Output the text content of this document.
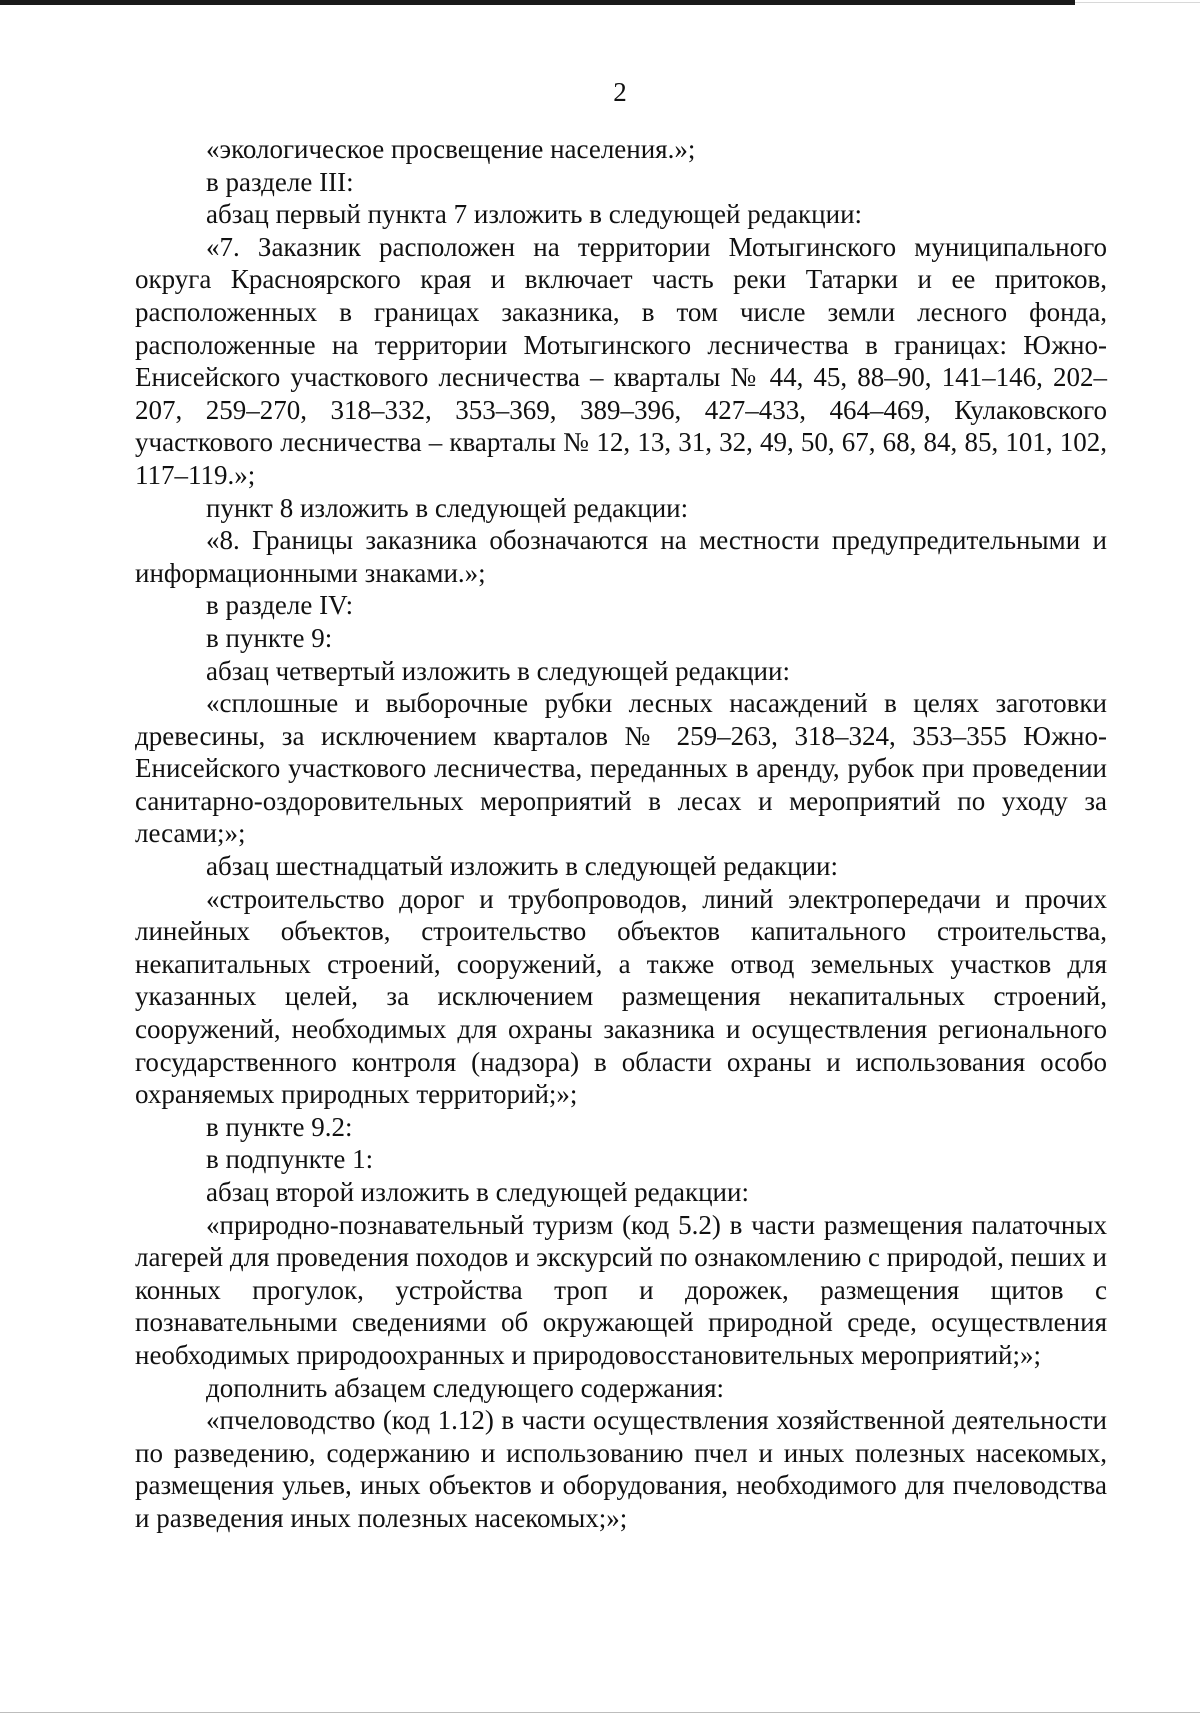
2

«экологическое просвещение населения.»;

в разделе III:

абзац первый пункта 7 изложить в следующей редакции:

«7. Заказник расположен на территории Мотыгинского муниципального округа Красноярского края и включает часть реки Татарки и ее притоков, расположенных в границах заказника, в том числе земли лесного фонда, расположенные на территории Мотыгинского лесничества в границах: Южно-Енисейского участкового лесничества – кварталы № 44, 45, 88–90, 141–146, 202–207, 259–270, 318–332, 353–369, 389–396, 427–433, 464–469, Кулаковского участкового лесничества – кварталы № 12, 13, 31, 32, 49, 50, 67, 68, 84, 85, 101, 102, 117–119.»;

пункт 8 изложить в следующей редакции:

«8. Границы заказника обозначаются на местности предупредительными и информационными знаками.»;

в разделе IV:

в пункте 9:

абзац четвертый изложить в следующей редакции:

«сплошные и выборочные рубки лесных насаждений в целях заготовки древесины, за исключением кварталов № 259–263, 318–324, 353–355 Южно-Енисейского участкового лесничества, переданных в аренду, рубок при проведении санитарно-оздоровительных мероприятий в лесах и мероприятий по уходу за лесами;»;

абзац шестнадцатый изложить в следующей редакции:

«строительство дорог и трубопроводов, линий электропередачи и прочих линейных объектов, строительство объектов капитального строительства, некапитальных строений, сооружений, а также отвод земельных участков для указанных целей, за исключением размещения некапитальных строений, сооружений, необходимых для охраны заказника и осуществления регионального государственного контроля (надзора) в области охраны и использования особо охраняемых природных территорий;»;

в пункте 9.2:

в подпункте 1:

абзац второй изложить в следующей редакции:

«природно-познавательный туризм (код 5.2) в части размещения палаточных лагерей для проведения походов и экскурсий по ознакомлению с природой, пеших и конных прогулок, устройства троп и дорожек, размещения щитов с познавательными сведениями об окружающей природной среде, осуществления необходимых природоохранных и природовосстановительных мероприятий;»;

дополнить абзацем следующего содержания:

«пчеловодство (код 1.12) в части осуществления хозяйственной деятельности по разведению, содержанию и использованию пчел и иных полезных насекомых, размещения ульев, иных объектов и оборудования, необходимого для пчеловодства и разведения иных полезных насекомых;»;
